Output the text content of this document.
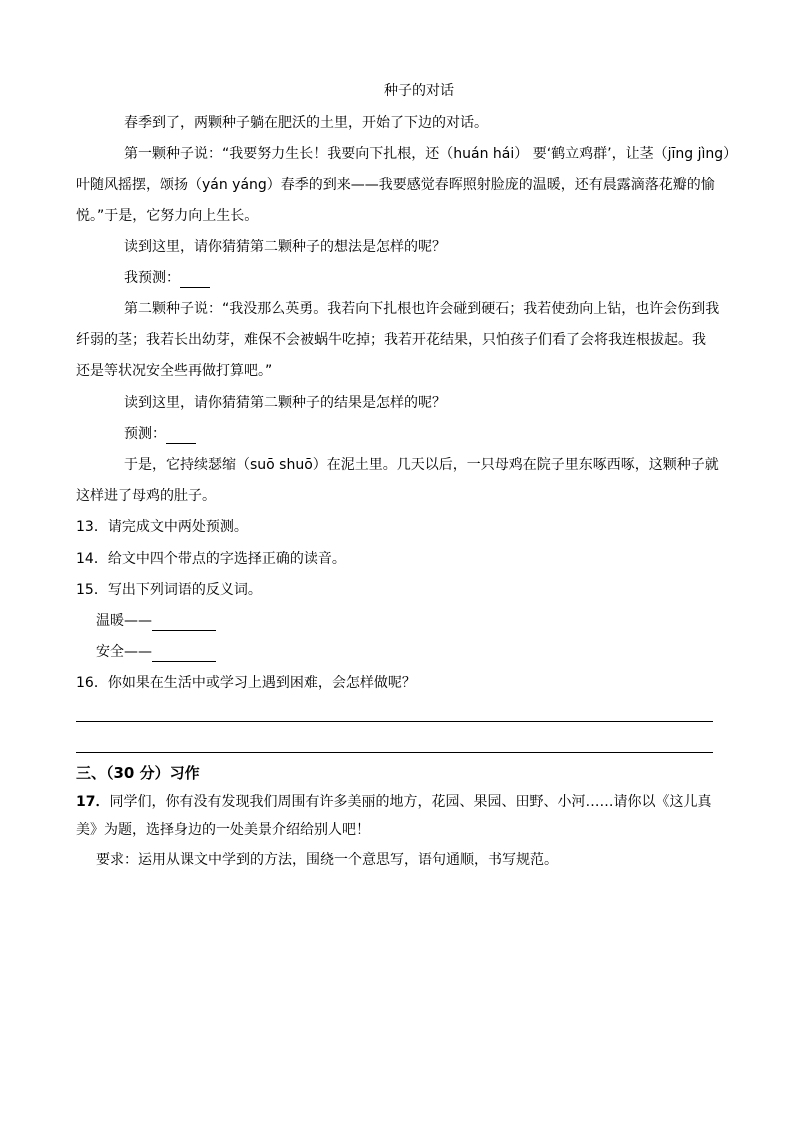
种子的对话
春季到了，两颗种子躺在肥沃的土里，开始了下边的对话。
第一颗种子说：“我要努力生长！我要向下扎根，还（huán hái） 要‘鹤立鸡群’，让茎（jīng jìng）
叶随风摇摆，颂扬（yán yáng）春季的到来——我要感觉春晖照射脸庞的温暖，还有晨露滴落花瓣的愉
悦。”于是，它努力向上生长。
读到这里，请你猜猜第二颗种子的想法是怎样的呢？
我预测：
第二颗种子说：“我没那么英勇。我若向下扎根也许会碰到硬石；我若使劲向上钻，也许会伤到我
纤弱的茎；我若长出幼芽，难保不会被蜗牛吃掉；我若开花结果，只怕孩子们看了会将我连根拔起。我
还是等状况安全些再做打算吧。”
读到这里，请你猜猜第二颗种子的结果是怎样的呢？
预测：
于是，它持续瑟缩（suō shuō）在泥土里。几天以后，一只母鸡在院子里东啄西啄，这颗种子就
这样进了母鸡的肚子。
13．请完成文中两处预测。
14．给文中四个带点的字选择正确的读音。
15．写出下列词语的反义词。
温暖——
安全——
16．你如果在生活中或学习上遇到困难，会怎样做呢？
三、（30 分）习作
17．同学们，你有没有发现我们周围有许多美丽的地方，花园、果园、田野、小河……请你以《这儿真
美》为题，选择身边的一处美景介绍给别人吧！
要求：运用从课文中学到的方法，围绕一个意思写，语句通顺，书写规范。
